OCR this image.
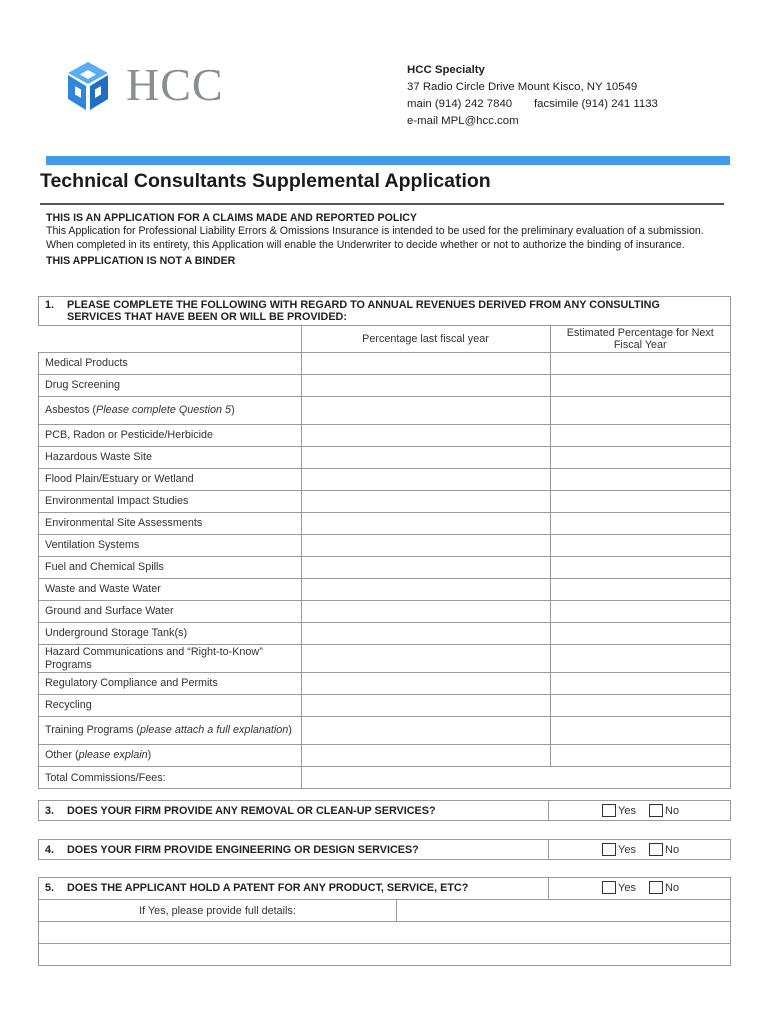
HCC	HCC Specialty
37 Radio Circle Drive Mount Kisco, NY 10549
main (914) 242 7840 facsimile (914) 241 1133
e-mail MPL@hcc.com
Technical Consultants Supplemental Application

THIS IS AN APPLICATION FOR A CLAIMS MADE AND REPORTED POLICY

This Application for Professional Liability Errors & Omissions Insurance is intended to be used for the preliminary evaluation of a submission. When completed in its entirety, this Application will enable the Underwriter to decide whether or not to authorize the binding of insurance.

THIS APPLICATION IS NOT A BINDER

1. PLEASE COMPLETE THE FOLLOWING WITH REGARD TO ANNUAL REVENUES DERIVED FROM ANY CONSULTING
SERVICES THAT HAVE BEEN OR WILL BE PROVIDED:		

	Percentage last fiscal year	Estimated Percentage for Next Fiscal Year
Medical Products		
Drug Screening		
Asbestos (Please complete Question 5)		
PCB, Radon or Pesticide/Herbicide		
Hazardous Waste Site		
Flood Plain/Estuary or Wetland		
Environmental Impact Studies		
Environmental Site Assessments		
Ventilation Systems		
Fuel and Chemical Spills		
Waste and Waste Water		
Ground and Surface Water		
Underground Storage Tank(s)		
Hazard Communications and “Right-to-Know” Programs		
Regulatory Compliance and Permits		
Recycling		
Training Programs (please attach a full explanation)		
Other (please explain)		
Total Commissions/Fees:		
3. DOES YOUR FIRM PROVIDE ANY REMOVAL OR CLEAN-UP SERVICES?	Yes	No
4. DOES YOUR FIRM PROVIDE ENGINEERING OR DESIGN SERVICES?	Yes	No
5. DOES THE APPLICANT HOLD A PATENT FOR ANY PRODUCT, SERVICE, ETC?	Yes	No

If Yes, please provide full details:	
